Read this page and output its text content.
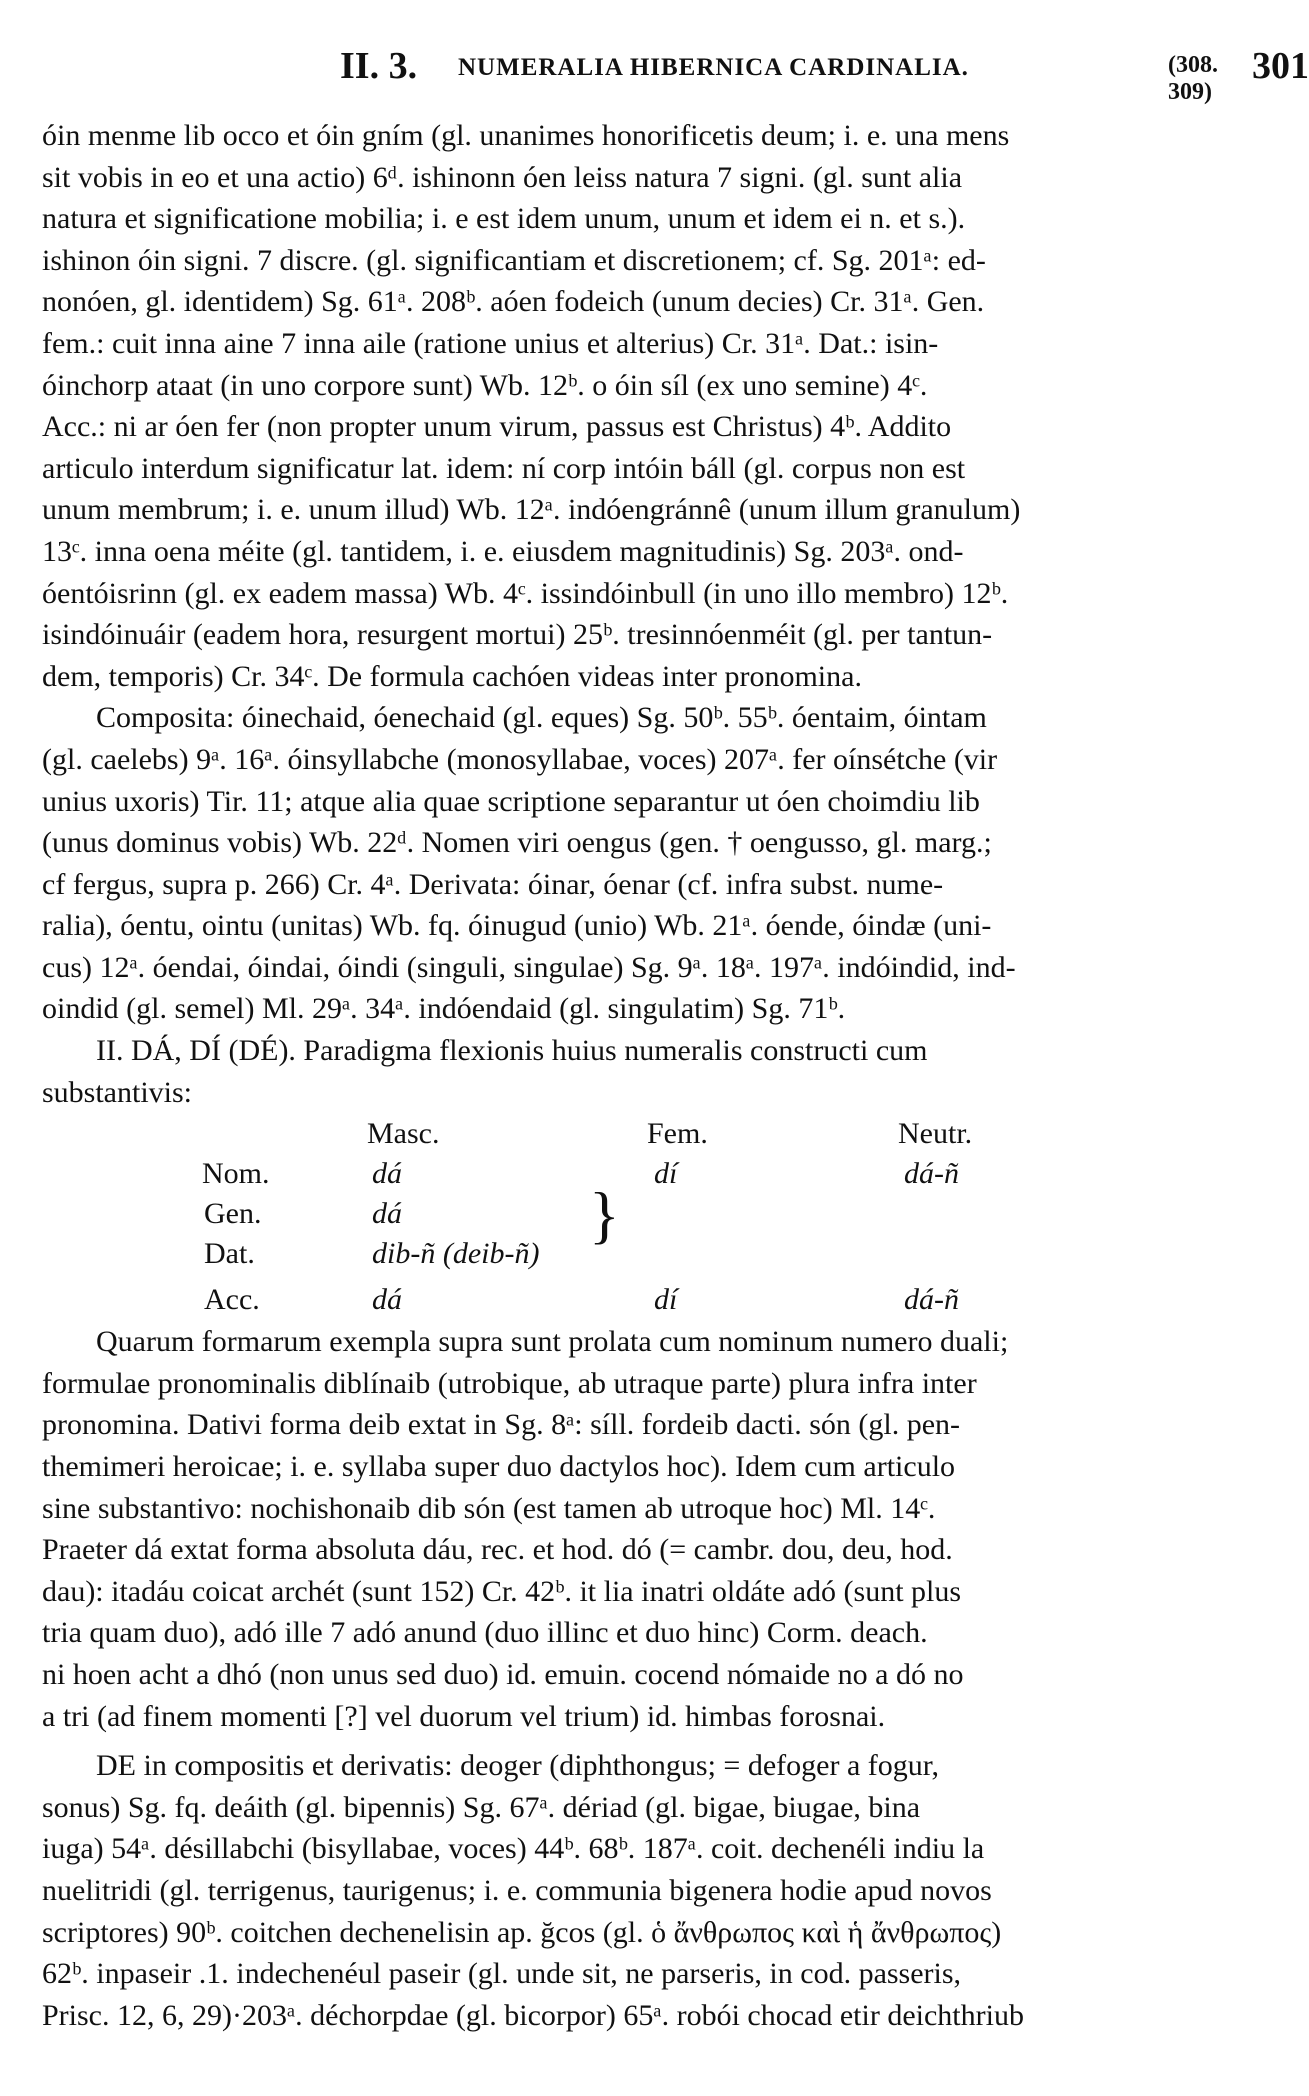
II. 3. NUMERALIA HIBERNICA CARDINALIA.	(308. 309)
301
óin menme lib occo et óin gním (gl. unanimes honorificetis deum; i. e. una mens
sit vobis in eo et una actio) 6ᵈ. ishinonn óen leiss natura 7 signi. (gl. sunt alia
natura et significatione mobilia; i. e est idem unum, unum et idem ei n. et s.).
ishinon óin signi. 7 discre. (gl. significantiam et discretionem; cf. Sg. 201ᵃ: ed-
nonóen, gl. identidem) Sg. 61ᵃ. 208ᵇ. aóen fodeich (unum decies) Cr. 31ᵃ. Gen.
fem.: cuit inna aine 7 inna aile (ratione unius et alterius) Cr. 31ᵃ. Dat.: isin-
óinchorp ataat (in uno corpore sunt) Wb. 12ᵇ. o óin síl (ex uno semine) 4ᶜ.
Acc.: ni ar óen fer (non propter unum virum, passus est Christus) 4ᵇ. Addito
articulo interdum significatur lat. idem: ní corp intóin báll (gl. corpus non est
unum membrum; i. e. unum illud) Wb. 12ᵃ. indóengránnê (unum illum granulum)
13ᶜ. inna oena méite (gl. tantidem, i. e. eiusdem magnitudinis) Sg. 203ᵃ. ond-
óentóisrinn (gl. ex eadem massa) Wb. 4ᶜ. issindóinbull (in uno illo membro) 12ᵇ.
isindóinuáir (eadem hora, resurgent mortui) 25ᵇ. tresinnóenméit (gl. per tantun-
dem, temporis) Cr. 34ᶜ. De formula cachóen videas inter pronomina.
Composita: óinechaid, óenechaid (gl. eques) Sg. 50ᵇ. 55ᵇ. óentaim, óintam
(gl. caelebs) 9ᵃ. 16ᵃ. óinsyllabche (monosyllabae, voces) 207ᵃ. fer oínsétche (vir
unius uxoris) Tir. 11; atque alia quae scriptione separantur ut óen choimdiu lib
(unus dominus vobis) Wb. 22ᵈ. Nomen viri oengus (gen. † oengusso, gl. marg.;
cf fergus, supra p. 266) Cr. 4ᵃ. Derivata: óinar, óenar (cf. infra subst. nume-
ralia), óentu, ointu (unitas) Wb. fq. óinugud (unio) Wb. 21ᵃ. óende, óindæ (uni-
cus) 12ᵃ. óendai, óindai, óindi (singuli, singulae) Sg. 9ᵃ. 18ᵃ. 197ᵃ. indóindid, ind-
oindid (gl. semel) Ml. 29ᵃ. 34ᵃ. indóendaid (gl. singulatim) Sg. 71ᵇ.
II. DÁ, DÍ (DÉ). Paradigma flexionis huius numeralis constructi cum
substantivis:
Masc.	Fem.	Neutr.
Nom.	dá	dí	dá-ñ
Gen.	dá
Dat.	dib-ñ (deib-ñ)
}
Acc.	dá	dí	dá-ñ
Quarum formarum exempla supra sunt prolata cum nominum numero duali;
formulae pronominalis diblínaib (utrobique, ab utraque parte) plura infra inter
pronomina. Dativi forma deib extat in Sg. 8ᵃ: síll. fordeib dacti. són (gl. pen-
themimeri heroicae; i. e. syllaba super duo dactylos hoc). Idem cum articulo
sine substantivo: nochishonaib dib són (est tamen ab utroque hoc) Ml. 14ᶜ.
Praeter dá extat forma absoluta dáu, rec. et hod. dó (= cambr. dou, deu, hod.
dau): itadáu coicat archét (sunt 152) Cr. 42ᵇ. it lia inatri oldáte adó (sunt plus
tria quam duo), adó ille 7 adó anund (duo illinc et duo hinc) Corm. deach.
ni hoen acht a dhó (non unus sed duo) id. emuin. cocend nómaide no a dó no
a tri (ad finem momenti [?] vel duorum vel trium) id. himbas forosnai.
DE in compositis et derivatis: deoger (diphthongus; = defoger a fogur,
sonus) Sg. fq. deáith (gl. bipennis) Sg. 67ᵃ. dériad (gl. bigae, biugae, bina
iuga) 54ᵃ. désillabchi (bisyllabae, voces) 44ᵇ. 68ᵇ. 187ᵃ. coit. dechenéli indiu la
nuelitridi (gl. terrigenus, taurigenus; i. e. communia bigenera hodie apud novos
scriptores) 90ᵇ. coitchen dechenelisin ap. ğcos (gl. ὁ ἄνθρωπος καὶ ἡ ἄνθρωπος)
62ᵇ. inpaseir .1. indechenéul paseir (gl. unde sit, ne parseris, in cod. passeris,
Prisc. 12, 6, 29)·203ᵃ. déchorpdae (gl. bicorpor) 65ᵃ. robói chocad etir deichthriub
